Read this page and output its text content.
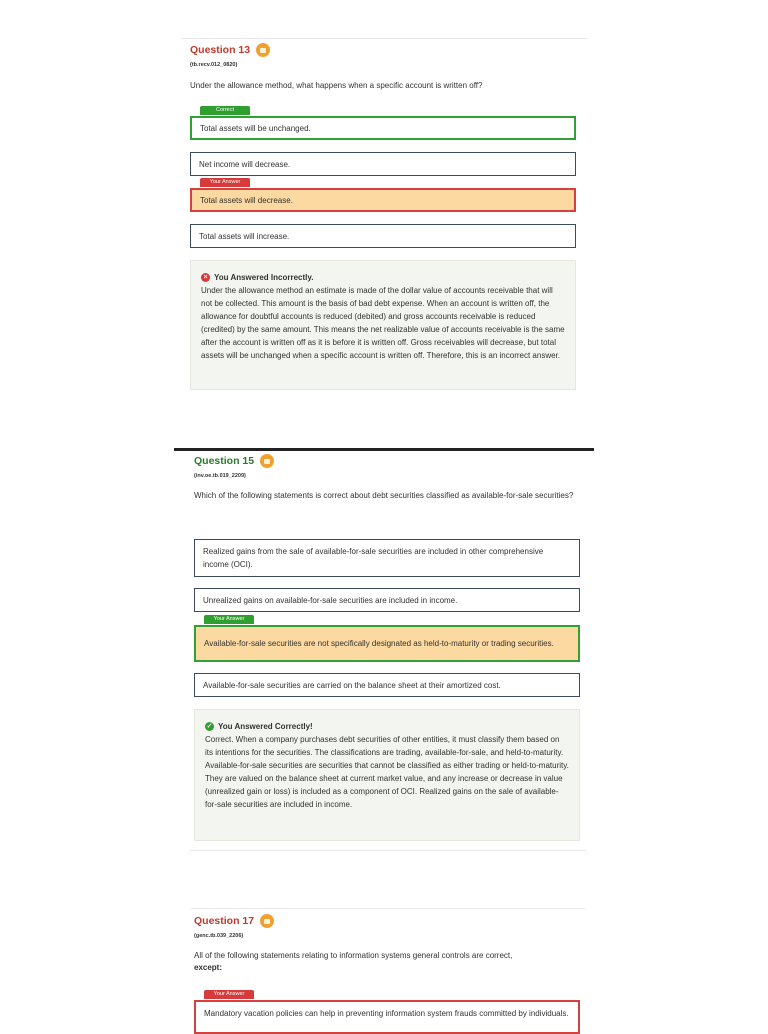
Question 13
(tb.recv.012_0820)
Under the allowance method, what happens when a specific account is written off?
Correct
Total assets will be unchanged.
Net income will decrease.
Your Answer
Total assets will decrease.
Total assets will increase.
× You Answered Incorrectly.
Under the allowance method an estimate is made of the dollar value of accounts receivable that will not be collected. This amount is the basis of bad debt expense. When an account is written off, the allowance for doubtful accounts is reduced (debited) and gross accounts receivable is reduced (credited) by the same amount. This means the net realizable value of accounts receivable is the same after the account is written off as it is before it is written off. Gross receivables will decrease, but total assets will be unchanged when a specific account is written off. Therefore, this is an incorrect answer.
Question 15
(inv.oe.tb.019_2209)
Which of the following statements is correct about debt securities classified as available-for-sale securities?
Realized gains from the sale of available-for-sale securities are included in other comprehensive income (OCI).
Unrealized gains on available-for-sale securities are included in income.
Your Answer
Available-for-sale securities are not specifically designated as held-to-maturity or trading securities.
Available-for-sale securities are carried on the balance sheet at their amortized cost.
✓ You Answered Correctly!
Correct. When a company purchases debt securities of other entities, it must classify them based on its intentions for the securities. The classifications are trading, available-for-sale, and held-to-maturity. Available-for-sale securities are securities that cannot be classified as either trading or held-to-maturity. They are valued on the balance sheet at current market value, and any increase or decrease in value (unrealized gain or loss) is included as a component of OCI. Realized gains on the sale of available-for-sale securities are included in income.
Question 17
(genc.tb.039_2206)
All of the following statements relating to information systems general controls are correct,
except:
Your Answer
Mandatory vacation policies can help in preventing information system frauds committed by individuals.
